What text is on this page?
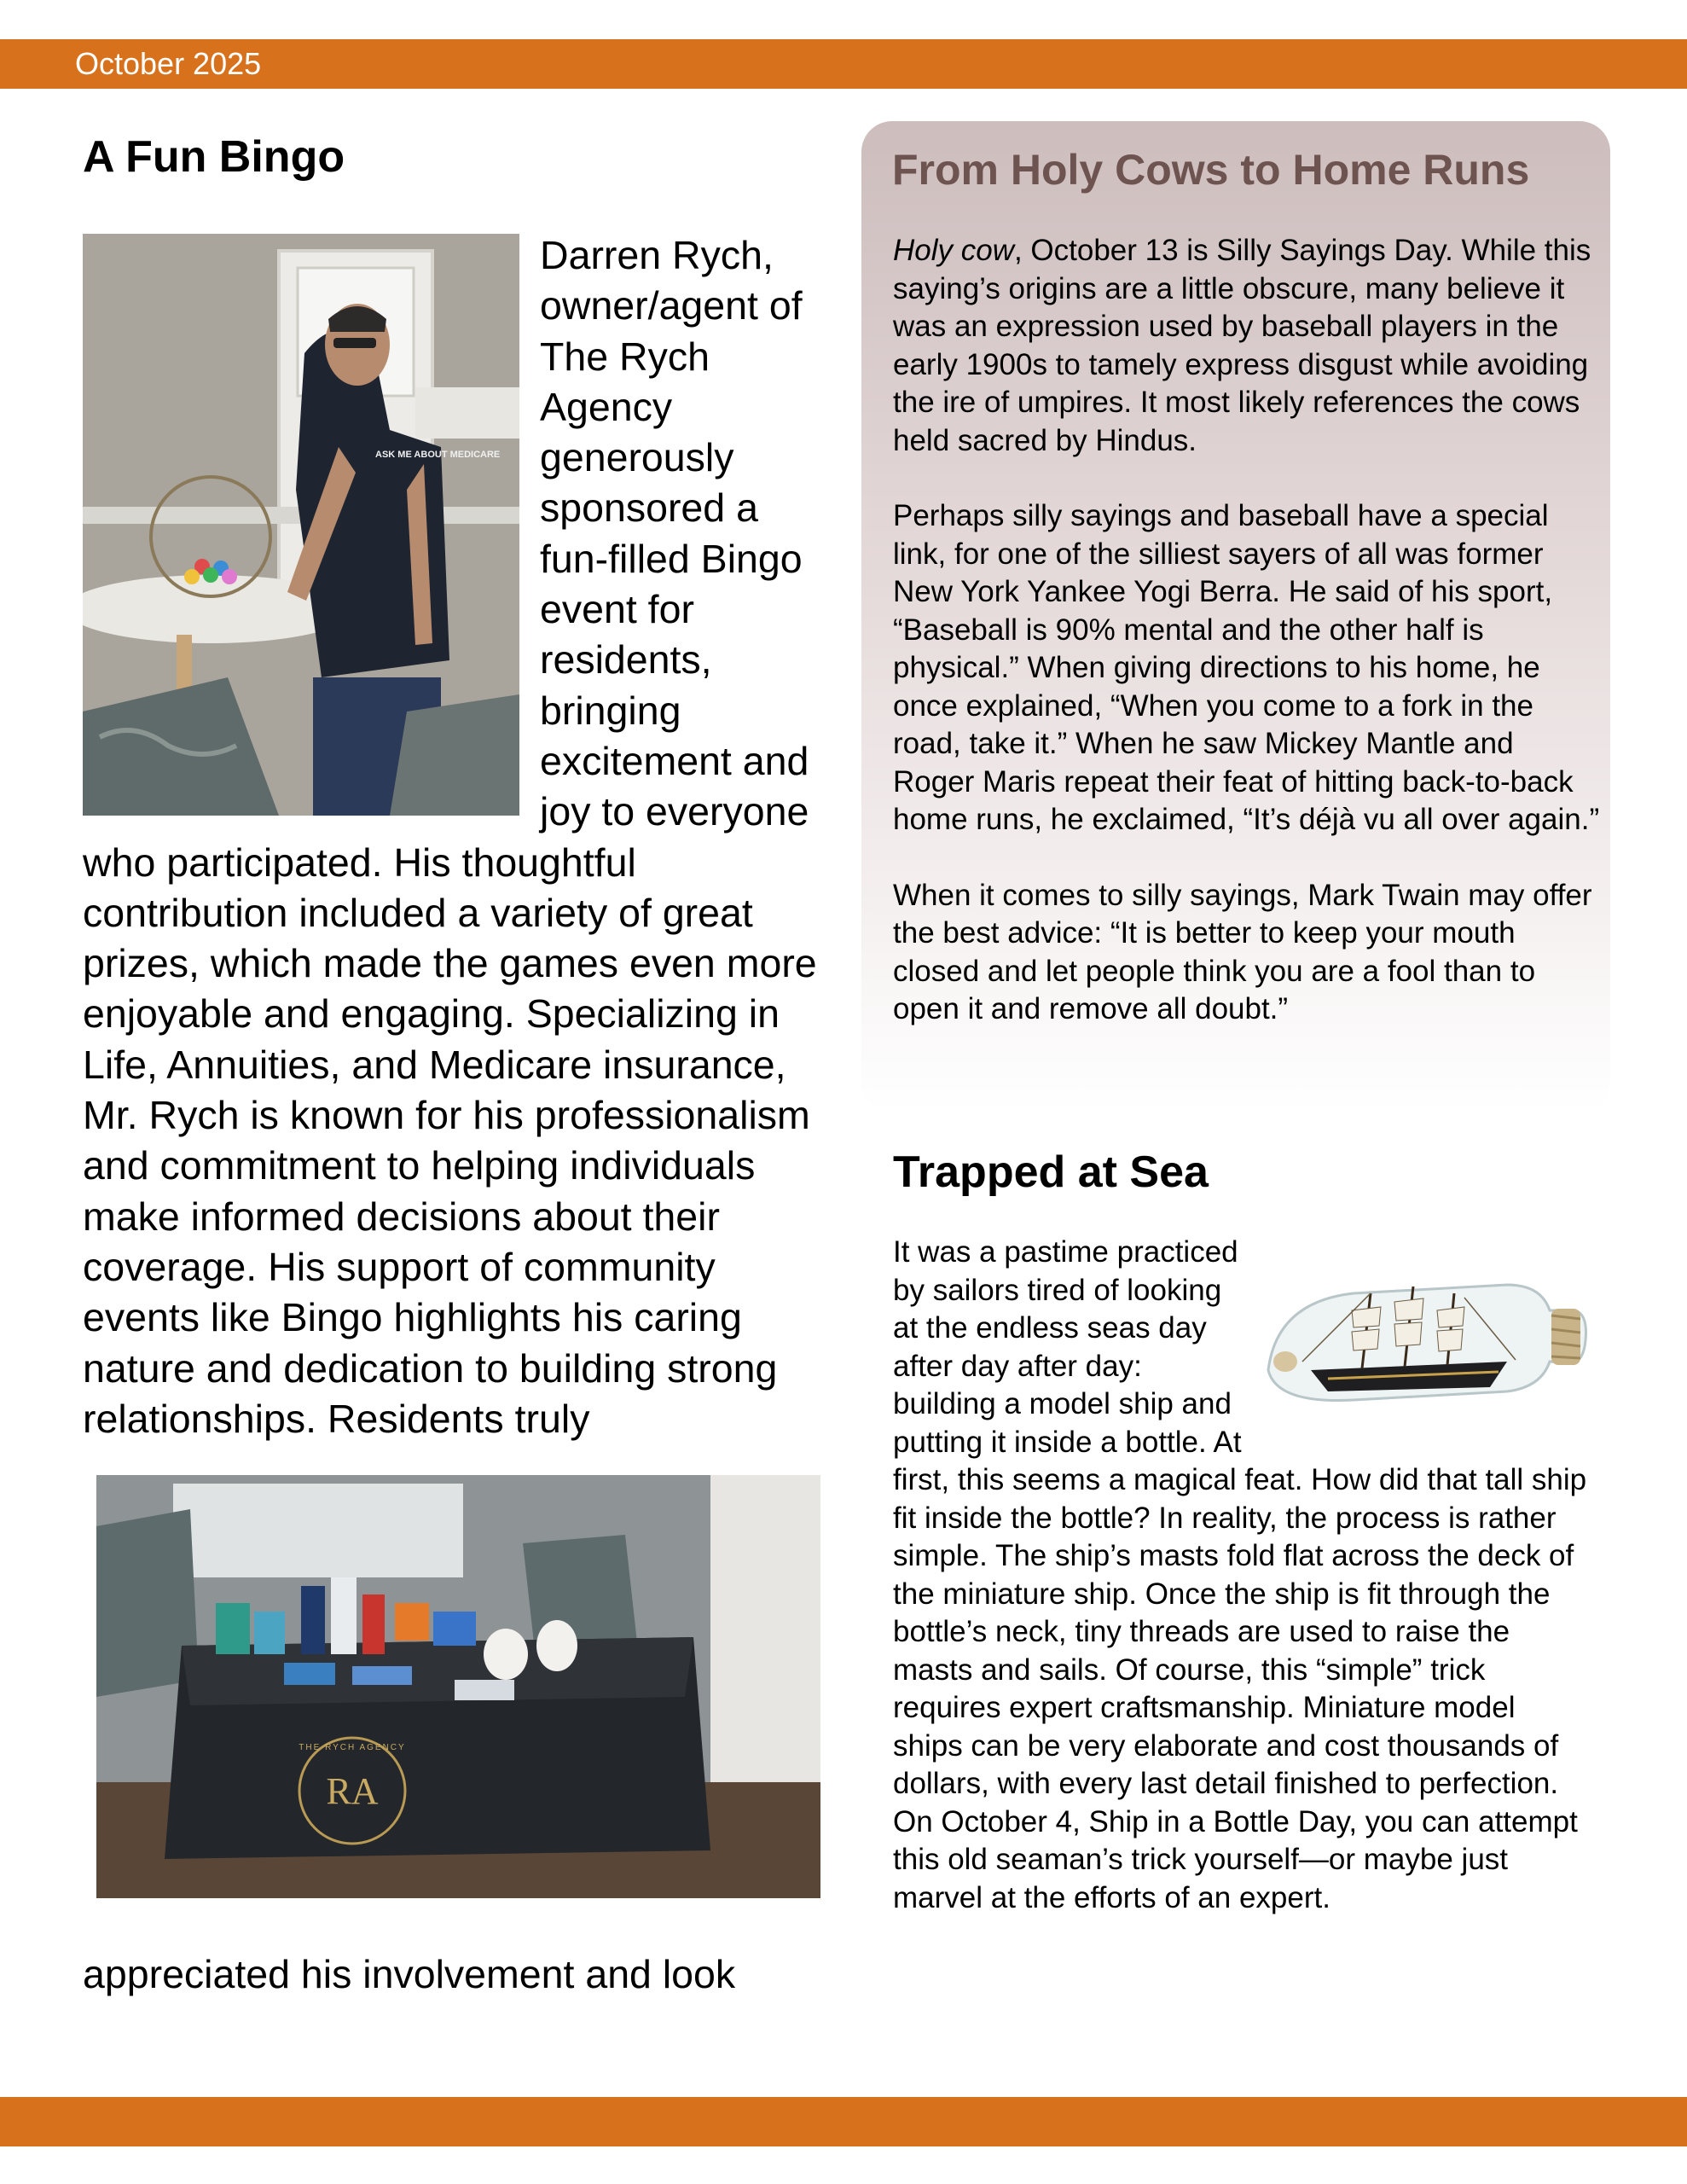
October 2025
A Fun Bingo
ASK ME ABOUT MEDICARE

Darren Rych, owner/agent of The Rych Agency generously sponsored a fun-filled Bingo event for residents, bringing excitement and joy to everyone who participated. His thoughtful contribution included a variety of great prizes, which made the games even more enjoyable and engaging. Specializing in Life, Annuities, and Medicare insurance, Mr. Rych is known for his professionalism and commitment to helping individuals make informed decisions about their coverage. His support of community events like Bingo highlights his caring nature and dedication to building strong relationships. Residents truly

RA
THE RYCH AGENCY

appreciated his involvement and look

From Holy Cows to Home Runs

Holy cow, October 13 is Silly Sayings Day. While this saying’s origins are a little obscure, many believe it was an expression used by baseball players in the early 1900s to tamely express disgust while avoiding the ire of umpires. It most likely references the cows held sacred by Hindus.

Perhaps silly sayings and baseball have a special link, for one of the silliest sayers of all was former New York Yankee Yogi Berra. He said of his sport, “Baseball is 90% mental and the other half is physical.” When giving directions to his home, he once explained, “When you come to a fork in the road, take it.” When he saw Mickey Mantle and Roger Maris repeat their feat of hitting back-to-back home runs, he exclaimed, “It’s déjà vu all over again.”

When it comes to silly sayings, Mark Twain may offer the best advice: “It is better to keep your mouth closed and let people think you are a fool than to open it and remove all doubt.”

Trapped at Sea

It was a pastime practiced by sailors tired of looking at the endless seas day after day after day: building a model ship and putting it inside a bottle. At first, this seems a magical feat. How did that tall ship fit inside the bottle? In reality, the process is rather simple. The ship’s masts fold flat across the deck of the miniature ship. Once the ship is fit through the bottle’s neck, tiny threads are used to raise the masts and sails. Of course, this “simple” trick requires expert craftsmanship. Miniature model ships can be very elaborate and cost thousands of dollars, with every last detail finished to perfection. On October 4, Ship in a Bottle Day, you can attempt this old seaman’s trick yourself—or maybe just marvel at the efforts of an expert.
